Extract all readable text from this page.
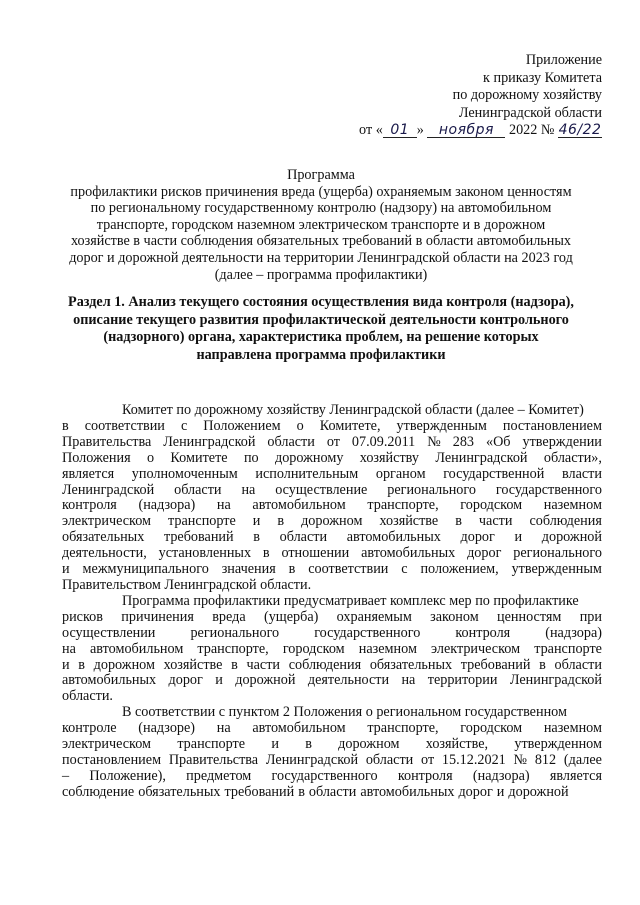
Приложение
к приказу Комитета
по дорожному хозяйству
Ленинградской области
от « 01 » ноября 2022 № 46/22
Программа
профилактики рисков причинения вреда (ущерба) охраняемым законом ценностям
по региональному государственному контролю (надзору) на автомобильном
транспорте, городском наземном электрическом транспорте и в дорожном
хозяйстве в части соблюдения обязательных требований в области автомобильных
дорог и дорожной деятельности на территории Ленинградской области на 2023 год
(далее – программа профилактики)
Раздел 1. Анализ текущего состояния осуществления вида контроля (надзора),
описание текущего развития профилактической деятельности контрольного
(надзорного) органа, характеристика проблем, на решение которых
направлена программа профилактики
Комитет по дорожному хозяйству Ленинградской области (далее – Комитет)
в соответствии с Положением о Комитете, утвержденным постановлением
Правительства Ленинградской области от 07.09.2011 № 283 «Об утверждении
Положения о Комитете по дорожному хозяйству Ленинградской области»,
является уполномоченным исполнительным органом государственной власти
Ленинградской области на осуществление регионального государственного
контроля (надзора) на автомобильном транспорте, городском наземном
электрическом транспорте и в дорожном хозяйстве в части соблюдения
обязательных требований в области автомобильных дорог и дорожной
деятельности, установленных в отношении автомобильных дорог регионального
и межмуниципального значения в соответствии с положением, утвержденным
Правительством Ленинградской области.
Программа профилактики предусматривает комплекс мер по профилактике
рисков причинения вреда (ущерба) охраняемым законом ценностям при
осуществлении регионального государственного контроля (надзора)
на автомобильном транспорте, городском наземном электрическом транспорте
и в дорожном хозяйстве в части соблюдения обязательных требований в области
автомобильных дорог и дорожной деятельности на территории Ленинградской
области.
В соответствии с пунктом 2 Положения о региональном государственном
контроле (надзоре) на автомобильном транспорте, городском наземном
электрическом транспорте и в дорожном хозяйстве, утвержденном
постановлением Правительства Ленинградской области от 15.12.2021 № 812 (далее
– Положение), предметом государственного контроля (надзора) является
соблюдение обязательных требований в области автомобильных дорог и дорожной
